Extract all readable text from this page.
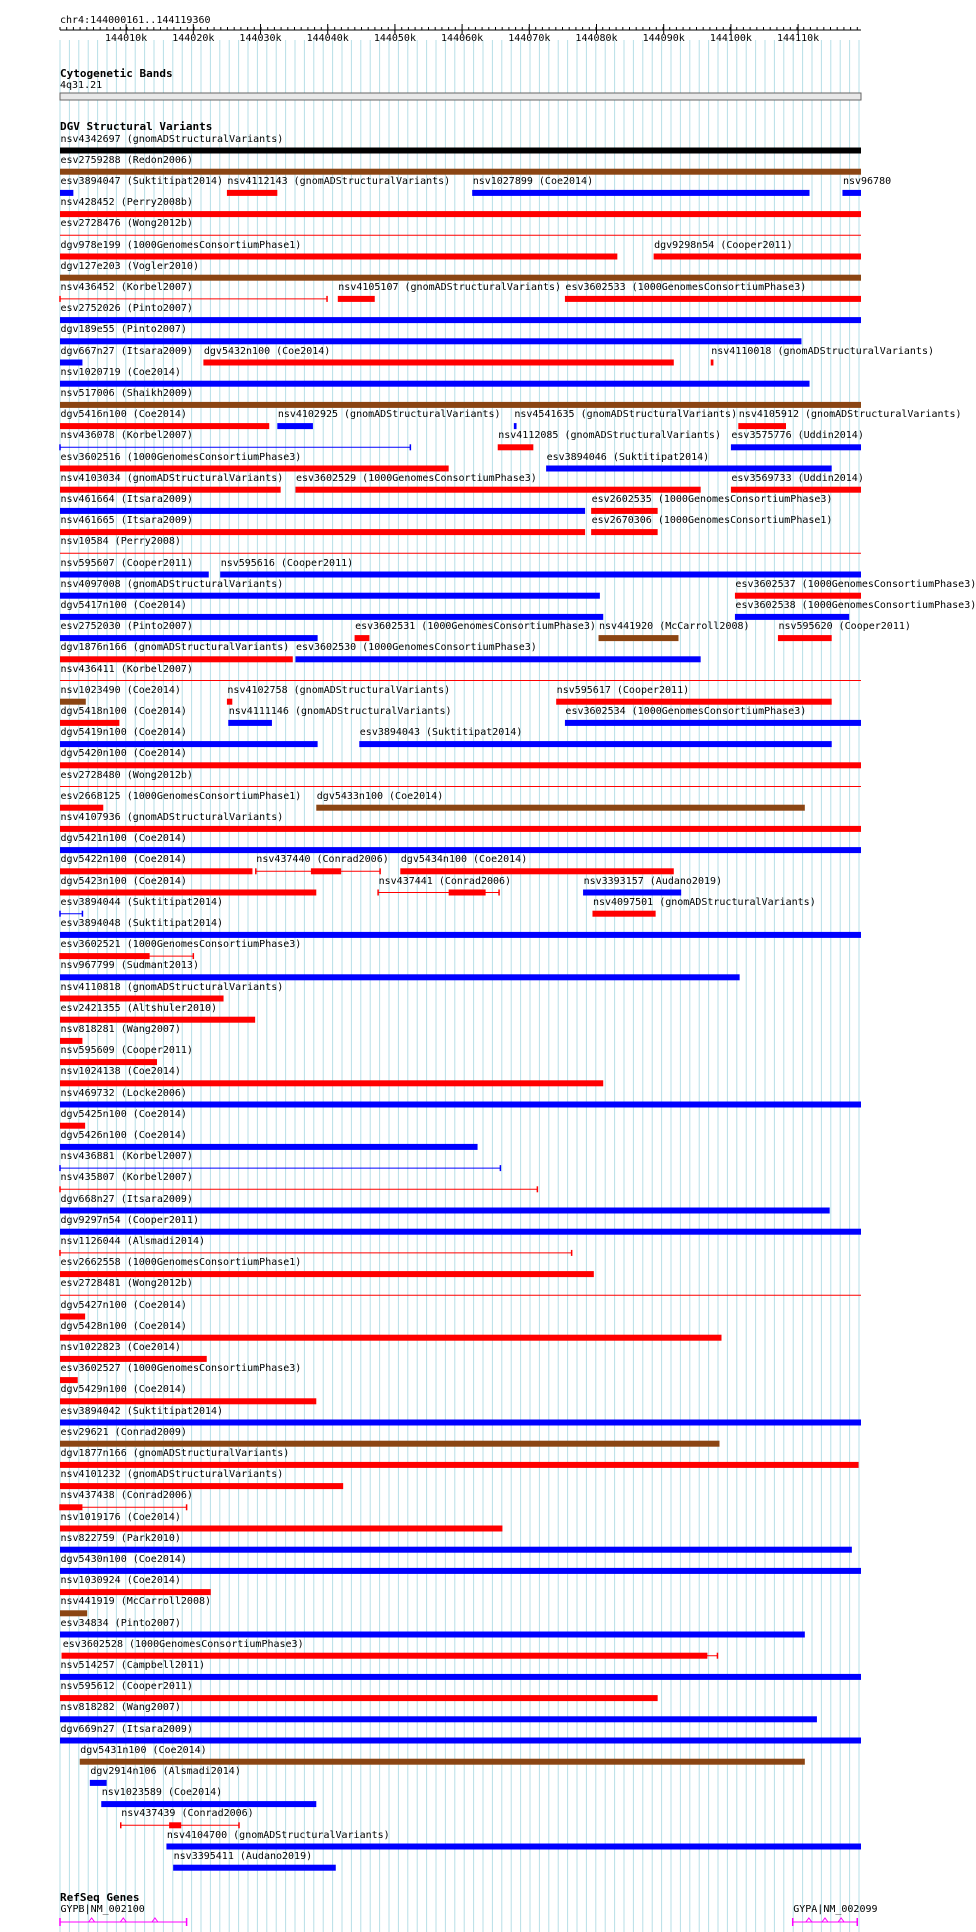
chr4:144000161..144119360
Cytogenetic Bands
4q31.21
DGV Structural Variants
RefSeq Genes
144010k	144020k	144030k	144040k	144050k	144060k	144070k	144080k	144090k	144100k	144110k
nsv4342697 (gnomADStructuralVariants)
esv2759288 (Redon2006)
esv3894047 (Suktitipat2014) nsv4112143 (gnomADStructuralVariants) nsv1027899 (Coe2014)	nsv96780
nsv428452 (Perry2008b)
esv2728476 (Wong2012b)
dgv978e199 (1000GenomesConsortiumPhase1)	dgv9298n54 (Cooper2011)
dgv127e203 (Vogler2010)
nsv436452 (Korbel2007)	nsv4105107 (gnomADStructuralVariants) esv3602533 (1000GenomesConsortiumPhase3)
esv2752026 (Pinto2007)
dgv189e55 (Pinto2007)
dgv667n27 (Itsara2009) dgv5432n100 (Coe2014)	nsv4110018 (gnomADStructuralVariants)
nsv1020719 (Coe2014)
nsv517006 (Shaikh2009)
dgv5416n100 (Coe2014)	nsv4102925 (gnomADStructuralVariants) nsv4541635 (gnomADStructuralVariants) nsv4105912 (gnomADStructuralVariants)
nsv436078 (Korbel2007)	nsv4112085 (gnomADStructuralVariants) esv3575776 (Uddin2014)
esv3602516 (1000GenomesConsortiumPhase3)	esv3894046 (Suktitipat2014)
nsv4103034 (gnomADStructuralVariants) esv3602529 (1000GenomesConsortiumPhase3)	esv3569733 (Uddin2014)
nsv461664 (Itsara2009)	esv2602535 (1000GenomesConsortiumPhase3)
nsv461665 (Itsara2009)	esv2670306 (1000GenomesConsortiumPhase1)
nsv10584 (Perry2008)
nsv595607 (Cooper2011)	nsv595616 (Cooper2011)
nsv4097008 (gnomADStructuralVariants)	esv3602537 (1000GenomesConsortiumPhase3)
dgv5417n100 (Coe2014)	esv3602538 (1000GenomesConsortiumPhase3)
esv2752030 (Pinto2007)	esv3602531 (1000GenomesConsortiumPhase3) nsv441920 (McCarroll2008)	nsv595620 (Cooper2011)
dgv1876n166 (gnomADStructuralVariants) esv3602530 (1000GenomesConsortiumPhase3)
nsv436411 (Korbel2007)
nsv1023490 (Coe2014)	nsv4102758 (gnomADStructuralVariants)	nsv595617 (Cooper2011)
dgv5418n100 (Coe2014)	nsv4111146 (gnomADStructuralVariants)	esv3602534 (1000GenomesConsortiumPhase3)
dgv5419n100 (Coe2014)	esv3894043 (Suktitipat2014)
dgv5420n100 (Coe2014)
esv2728480 (Wong2012b)
esv2668125 (1000GenomesConsortiumPhase1) dgv5433n100 (Coe2014)
nsv4107936 (gnomADStructuralVariants)
dgv5421n100 (Coe2014)
dgv5422n100 (Coe2014)	nsv437440 (Conrad2006) dgv5434n100 (Coe2014)
dgv5423n100 (Coe2014)	nsv437441 (Conrad2006)	nsv3393157 (Audano2019)
esv3894044 (Suktitipat2014)	nsv4097501 (gnomADStructuralVariants)
esv3894048 (Suktitipat2014)
esv3602521 (1000GenomesConsortiumPhase3)
nsv967799 (Sudmant2013)
nsv4110818 (gnomADStructuralVariants)
esv2421355 (Altshuler2010)
nsv818281 (Wang2007)
nsv595609 (Cooper2011)
nsv1024138 (Coe2014)
nsv469732 (Locke2006)
dgv5425n100 (Coe2014)
dgv5426n100 (Coe2014)
nsv436881 (Korbel2007)
nsv435807 (Korbel2007)
dgv668n27 (Itsara2009)
dgv9297n54 (Cooper2011)
nsv1126044 (Alsmadi2014)
esv2662558 (1000GenomesConsortiumPhase1)
esv2728481 (Wong2012b)
dgv5427n100 (Coe2014)
dgv5428n100 (Coe2014)
nsv1022823 (Coe2014)
esv3602527 (1000GenomesConsortiumPhase3)
dgv5429n100 (Coe2014)
esv3894042 (Suktitipat2014)
esv29621 (Conrad2009)
dgv1877n166 (gnomADStructuralVariants)
nsv4101232 (gnomADStructuralVariants)
nsv437438 (Conrad2006)
nsv1019176 (Coe2014)
nsv822759 (Park2010)
dgv5430n100 (Coe2014)
nsv1030924 (Coe2014)
nsv441919 (McCarroll2008)
esv34834 (Pinto2007)
esv3602528 (1000GenomesConsortiumPhase3)
nsv514257 (Campbell2011)
nsv595612 (Cooper2011)
nsv818282 (Wang2007)
dgv669n27 (Itsara2009)
dgv5431n100 (Coe2014)
dgv2914n106 (Alsmadi2014)
nsv1023589 (Coe2014)
nsv437439 (Conrad2006)
nsv4104700 (gnomADStructuralVariants)
nsv3395411 (Audano2019)
GYPB|NM_002100	GYPA|NM_002099
